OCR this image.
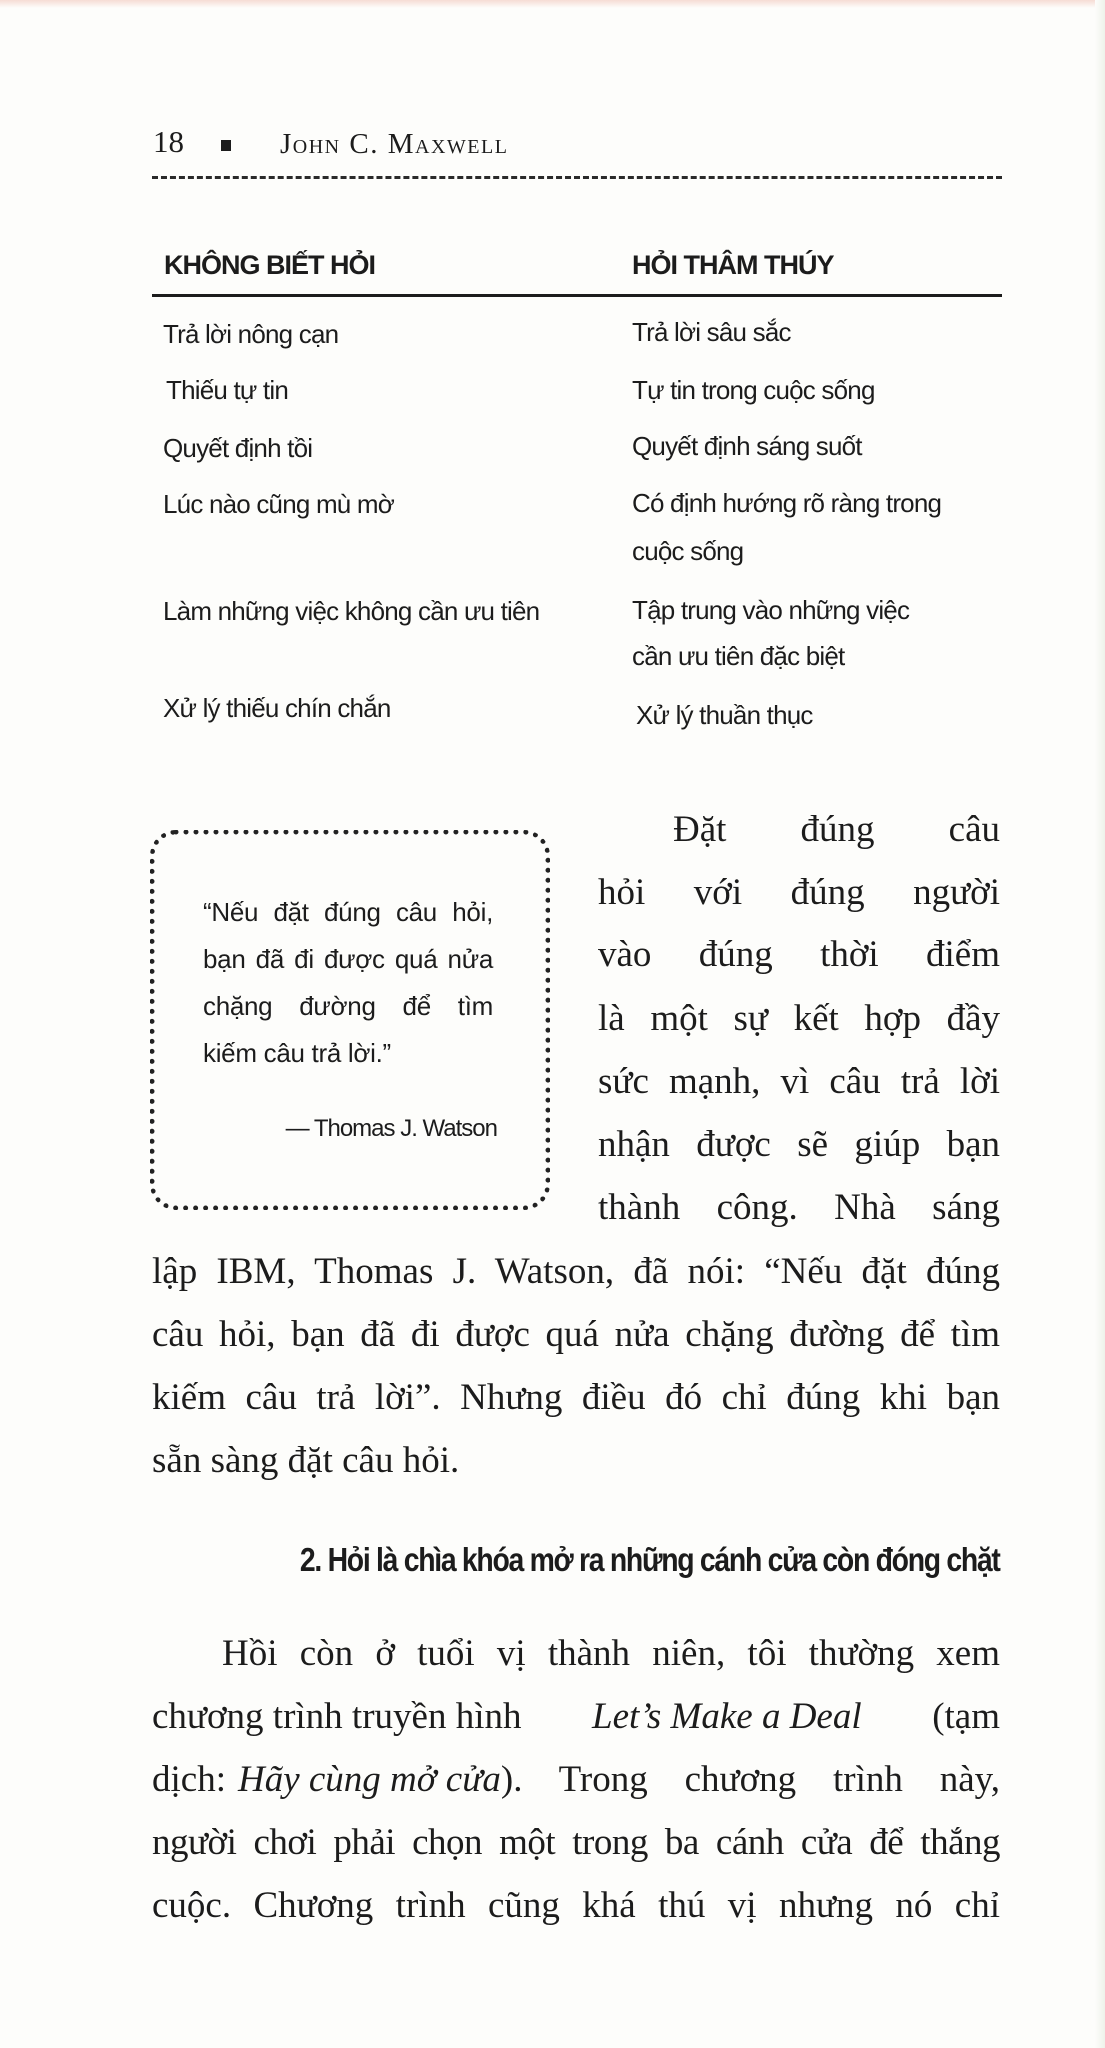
18	John C. Maxwell
KHÔNG BIẾT HỎI	HỎI THÂM THÚY
Trả lời nông cạn	Trả lời sâu sắc
Thiếu tự tin	Tự tin trong cuộc sống
Quyết định tồi	Quyết định sáng suốt
Lúc nào cũng mù mờ	Có định hướng rõ ràng trong
cuộc sống
Làm những việc không cần ưu tiên	Tập trung vào những việc
cần ưu tiên đặc biệt
Xử lý thiếu chín chắn	Xử lý thuần thục
“Nếu đặt đúng câu hỏi, bạn đã đi được quá nửa chặng đường để tìm kiếm câu trả lời.”
— Thomas J. Watson
Đặt đúng câu
hỏi với đúng người
vào đúng thời điểm
là một sự kết hợp đầy
sức mạnh, vì câu trả lời
nhận được sẽ giúp bạn
thành công. Nhà sáng
lập IBM, Thomas J. Watson, đã nói: “Nếu đặt đúng
câu hỏi, bạn đã đi được quá nửa chặng đường để tìm
kiếm câu trả lời”. Nhưng điều đó chỉ đúng khi bạn
sẵn sàng đặt câu hỏi.
2. Hỏi là chìa khóa mở ra những cánh cửa còn đóng chặt
Hồi còn ở tuổi vị thành niên, tôi thường xem
chương trình truyền hình Let’s Make a Deal (tạm
dịch: Hãy cùng mở cửa ). Trong chương trình này,
người chơi phải chọn một trong ba cánh cửa để thắng
cuộc. Chương trình cũng khá thú vị nhưng nó chỉ
